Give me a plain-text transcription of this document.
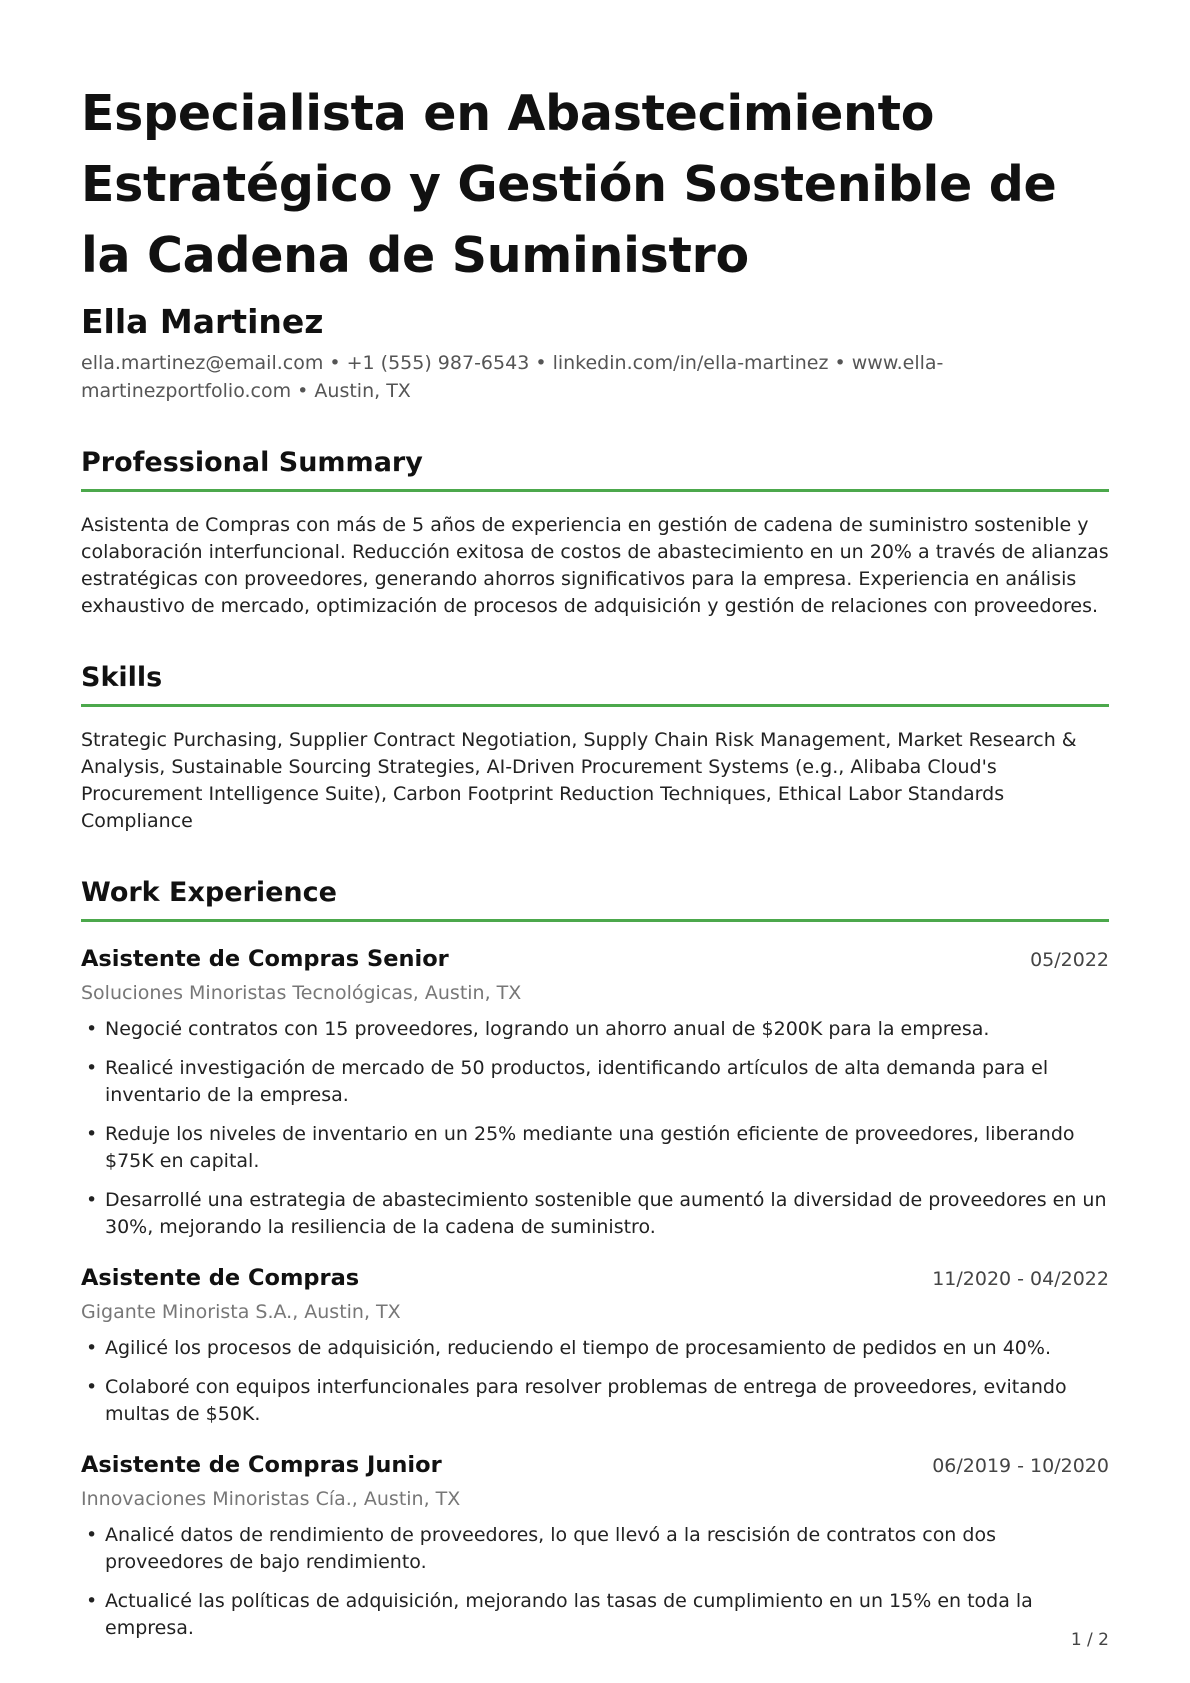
Especialista en Abastecimiento Estratégico y Gestión Sostenible de la Cadena de Suministro
Ella Martinez
ella.martinez@email.com • +1 (555) 987-6543 • linkedin.com/in/ella-martinez • www.ella-martinezportfolio.com • Austin, TX
Professional Summary
Asistenta de Compras con más de 5 años de experiencia en gestión de cadena de suministro sostenible y colaboración interfuncional. Reducción exitosa de costos de abastecimiento en un 20% a través de alianzas estratégicas con proveedores, generando ahorros significativos para la empresa. Experiencia en análisis exhaustivo de mercado, optimización de procesos de adquisición y gestión de relaciones con proveedores.
Skills
Strategic Purchasing, Supplier Contract Negotiation, Supply Chain Risk Management, Market Research & Analysis, Sustainable Sourcing Strategies, AI-Driven Procurement Systems (e.g., Alibaba Cloud's Procurement Intelligence Suite), Carbon Footprint Reduction Techniques, Ethical Labor Standards Compliance
Work Experience
Asistente de Compras Senior	05/2022
Soluciones Minoristas Tecnológicas, Austin, TX
• Negocié contratos con 15 proveedores, logrando un ahorro anual de $200K para la empresa.
• Realicé investigación de mercado de 50 productos, identificando artículos de alta demanda para el inventario de la empresa.
• Reduje los niveles de inventario en un 25% mediante una gestión eficiente de proveedores, liberando $75K en capital.
• Desarrollé una estrategia de abastecimiento sostenible que aumentó la diversidad de proveedores en un 30%, mejorando la resiliencia de la cadena de suministro.
Asistente de Compras	11/2020 - 04/2022
Gigante Minorista S.A., Austin, TX
• Agilicé los procesos de adquisición, reduciendo el tiempo de procesamiento de pedidos en un 40%.
• Colaboré con equipos interfuncionales para resolver problemas de entrega de proveedores, evitando multas de $50K.
Asistente de Compras Junior	06/2019 - 10/2020
Innovaciones Minoristas Cía., Austin, TX
• Analicé datos de rendimiento de proveedores, lo que llevó a la rescisión de contratos con dos proveedores de bajo rendimiento.
• Actualicé las políticas de adquisición, mejorando las tasas de cumplimiento en un 15% en toda la empresa.
1 / 2
